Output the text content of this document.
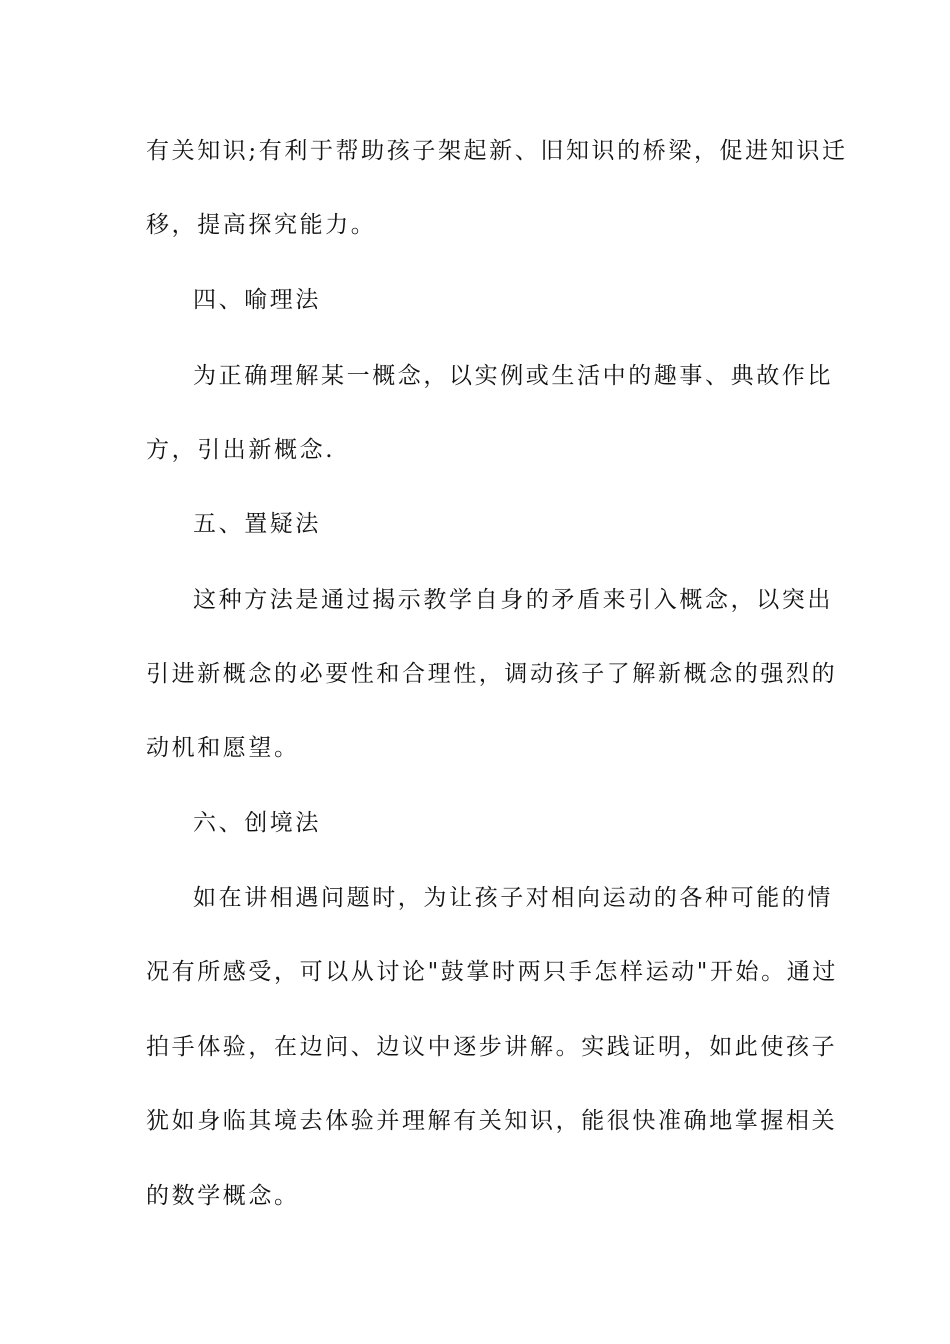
有关知识;有利于帮助孩子架起新、旧知识的桥梁，促进知识迁
移，提高探究能力。
四、喻理法
为正确理解某一概念，以实例或生活中的趣事、典故作比
方，引出新概念.
五、置疑法
这种方法是通过揭示教学自身的矛盾来引入概念，以突出
引进新概念的必要性和合理性，调动孩子了解新概念的强烈的
动机和愿望。
六、创境法
如在讲相遇问题时，为让孩子对相向运动的各种可能的情
况有所感受，可以从讨论"鼓掌时两只手怎样运动"开始。通过
拍手体验，在边问、边议中逐步讲解。实践证明，如此使孩子
犹如身临其境去体验并理解有关知识，能很快准确地掌握相关
的数学概念。
